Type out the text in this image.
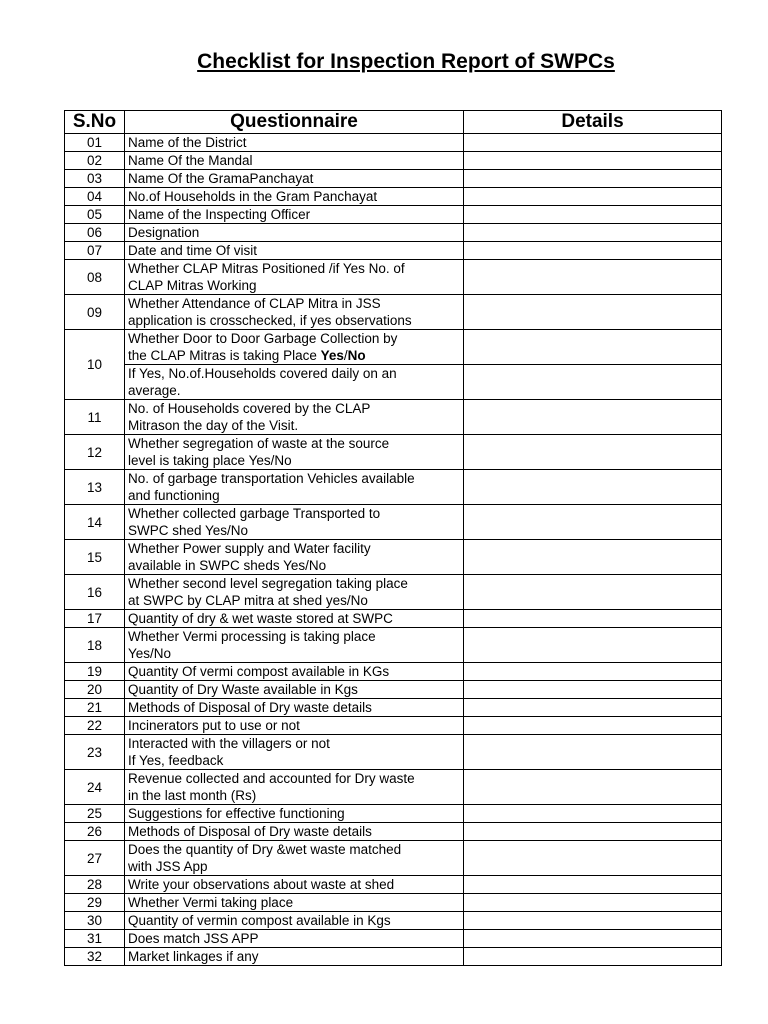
Checklist for Inspection Report of SWPCs
S.No	Questionnaire	Details
01	Name of the District	

02	Name Of the Mandal	

03	Name Of the GramaPanchayat	

04	No.of Households in the Gram Panchayat	

05	Name of the Inspecting Officer	

06	Designation	

07	Date and time Of visit	

08	Whether CLAP Mitras Positioned /if Yes No. of
CLAP Mitras Working	

09	Whether Attendance of CLAP Mitra in JSS
application is crosschecked, if yes observations	

10	Whether Door to Door Garbage Collection by
the CLAP Mitras is taking Place Yes/No	

	If Yes, No.of.Households covered daily on an
average.	

11	No. of Households covered by the CLAP
Mitrason the day of the Visit.	

12	Whether segregation of waste at the source
level is taking place Yes/No	

13	No. of garbage transportation Vehicles available
and functioning	

14	Whether collected garbage Transported to
SWPC shed Yes/No	

15	Whether Power supply and Water facility
available in SWPC sheds Yes/No	

16	Whether second level segregation taking place
at SWPC by CLAP mitra at shed yes/No	

17	Quantity of dry & wet waste stored at SWPC	

18	Whether Vermi processing is taking place
Yes/No	

19	Quantity Of vermi compost available in KGs	

20	Quantity of Dry Waste available in Kgs	

21	Methods of Disposal of Dry waste details	

22	Incinerators put to use or not	

23	Interacted with the villagers or not
If Yes, feedback	

24	Revenue collected and accounted for Dry waste
in the last month (Rs)	

25	Suggestions for effective functioning	

26	Methods of Disposal of Dry waste details	

27	Does the quantity of Dry &wet waste matched
with JSS App	

28	Write your observations about waste at shed	

29	Whether Vermi taking place	

30	Quantity of vermin compost available in Kgs	

31	Does match JSS APP	

32	Market linkages if any	
